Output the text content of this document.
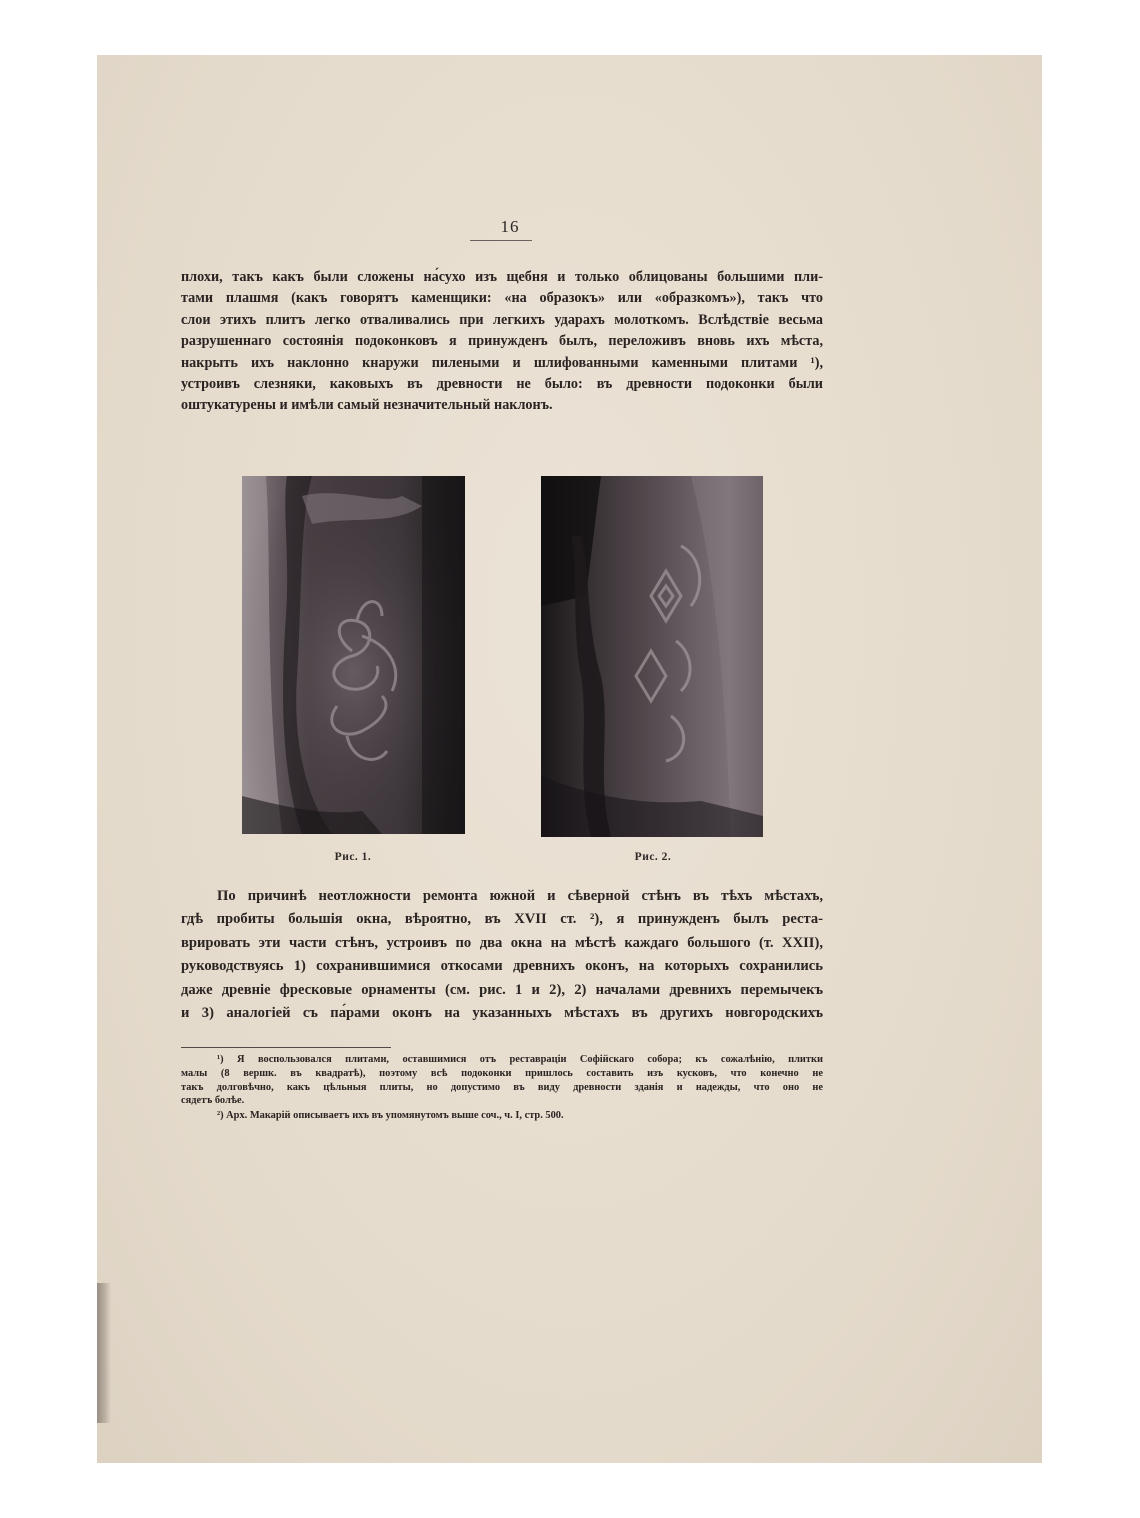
16
плохи, такъ какъ были сложены на́сухо изъ щебня и только облицованы большими пли-
тами плашмя (какъ говорятъ каменщики: «на образокъ» или «образкомъ»), такъ что
слои этихъ плитъ легко отваливались при легкихъ ударахъ молоткомъ. Вслѣдствіе весьма
разрушеннаго состоянія подоконковъ я принужденъ былъ, переложивъ вновь ихъ мѣста,
накрыть ихъ наклонно кнаружи пилеными и шлифованными каменными плитами ¹),
устроивъ слезняки, каковыхъ въ древности не было: въ древности подоконки были
оштукатурены и имѣли самый незначительный наклонъ.
Рис. 1.	Рис. 2.
По причинѣ неотложности ремонта южной и сѣверной стѣнъ въ тѣхъ мѣстахъ,
гдѣ пробиты большія окна, вѣроятно, въ XVII ст. ²), я принужденъ былъ реста-
врировать эти части стѣнъ, устроивъ по два окна на мѣстѣ каждаго большого (т. XXII),
руководствуясь 1) сохранившимися откосами древнихъ оконъ, на которыхъ сохранились
даже древніе фресковые орнаменты (см. рис. 1 и 2), 2) началами древнихъ перемычекъ
и 3) аналогіей съ па́рами оконъ на указанныхъ мѣстахъ въ другихъ новгородскихъ
¹) Я воспользовался плитами, оставшимися отъ реставраціи Софійскаго собора; къ сожалѣнію, плитки
малы (8 вершк. въ квадратѣ), поэтому всѣ подоконки пришлось составить изъ кусковъ, что конечно не
такъ долговѣчно, какъ цѣльныя плиты, но допустимо въ виду древности зданія и надежды, что оно не
сядетъ болѣе.
²) Арх. Макарій описываетъ ихъ въ упомянутомъ выше соч., ч. I, стр. 500.
